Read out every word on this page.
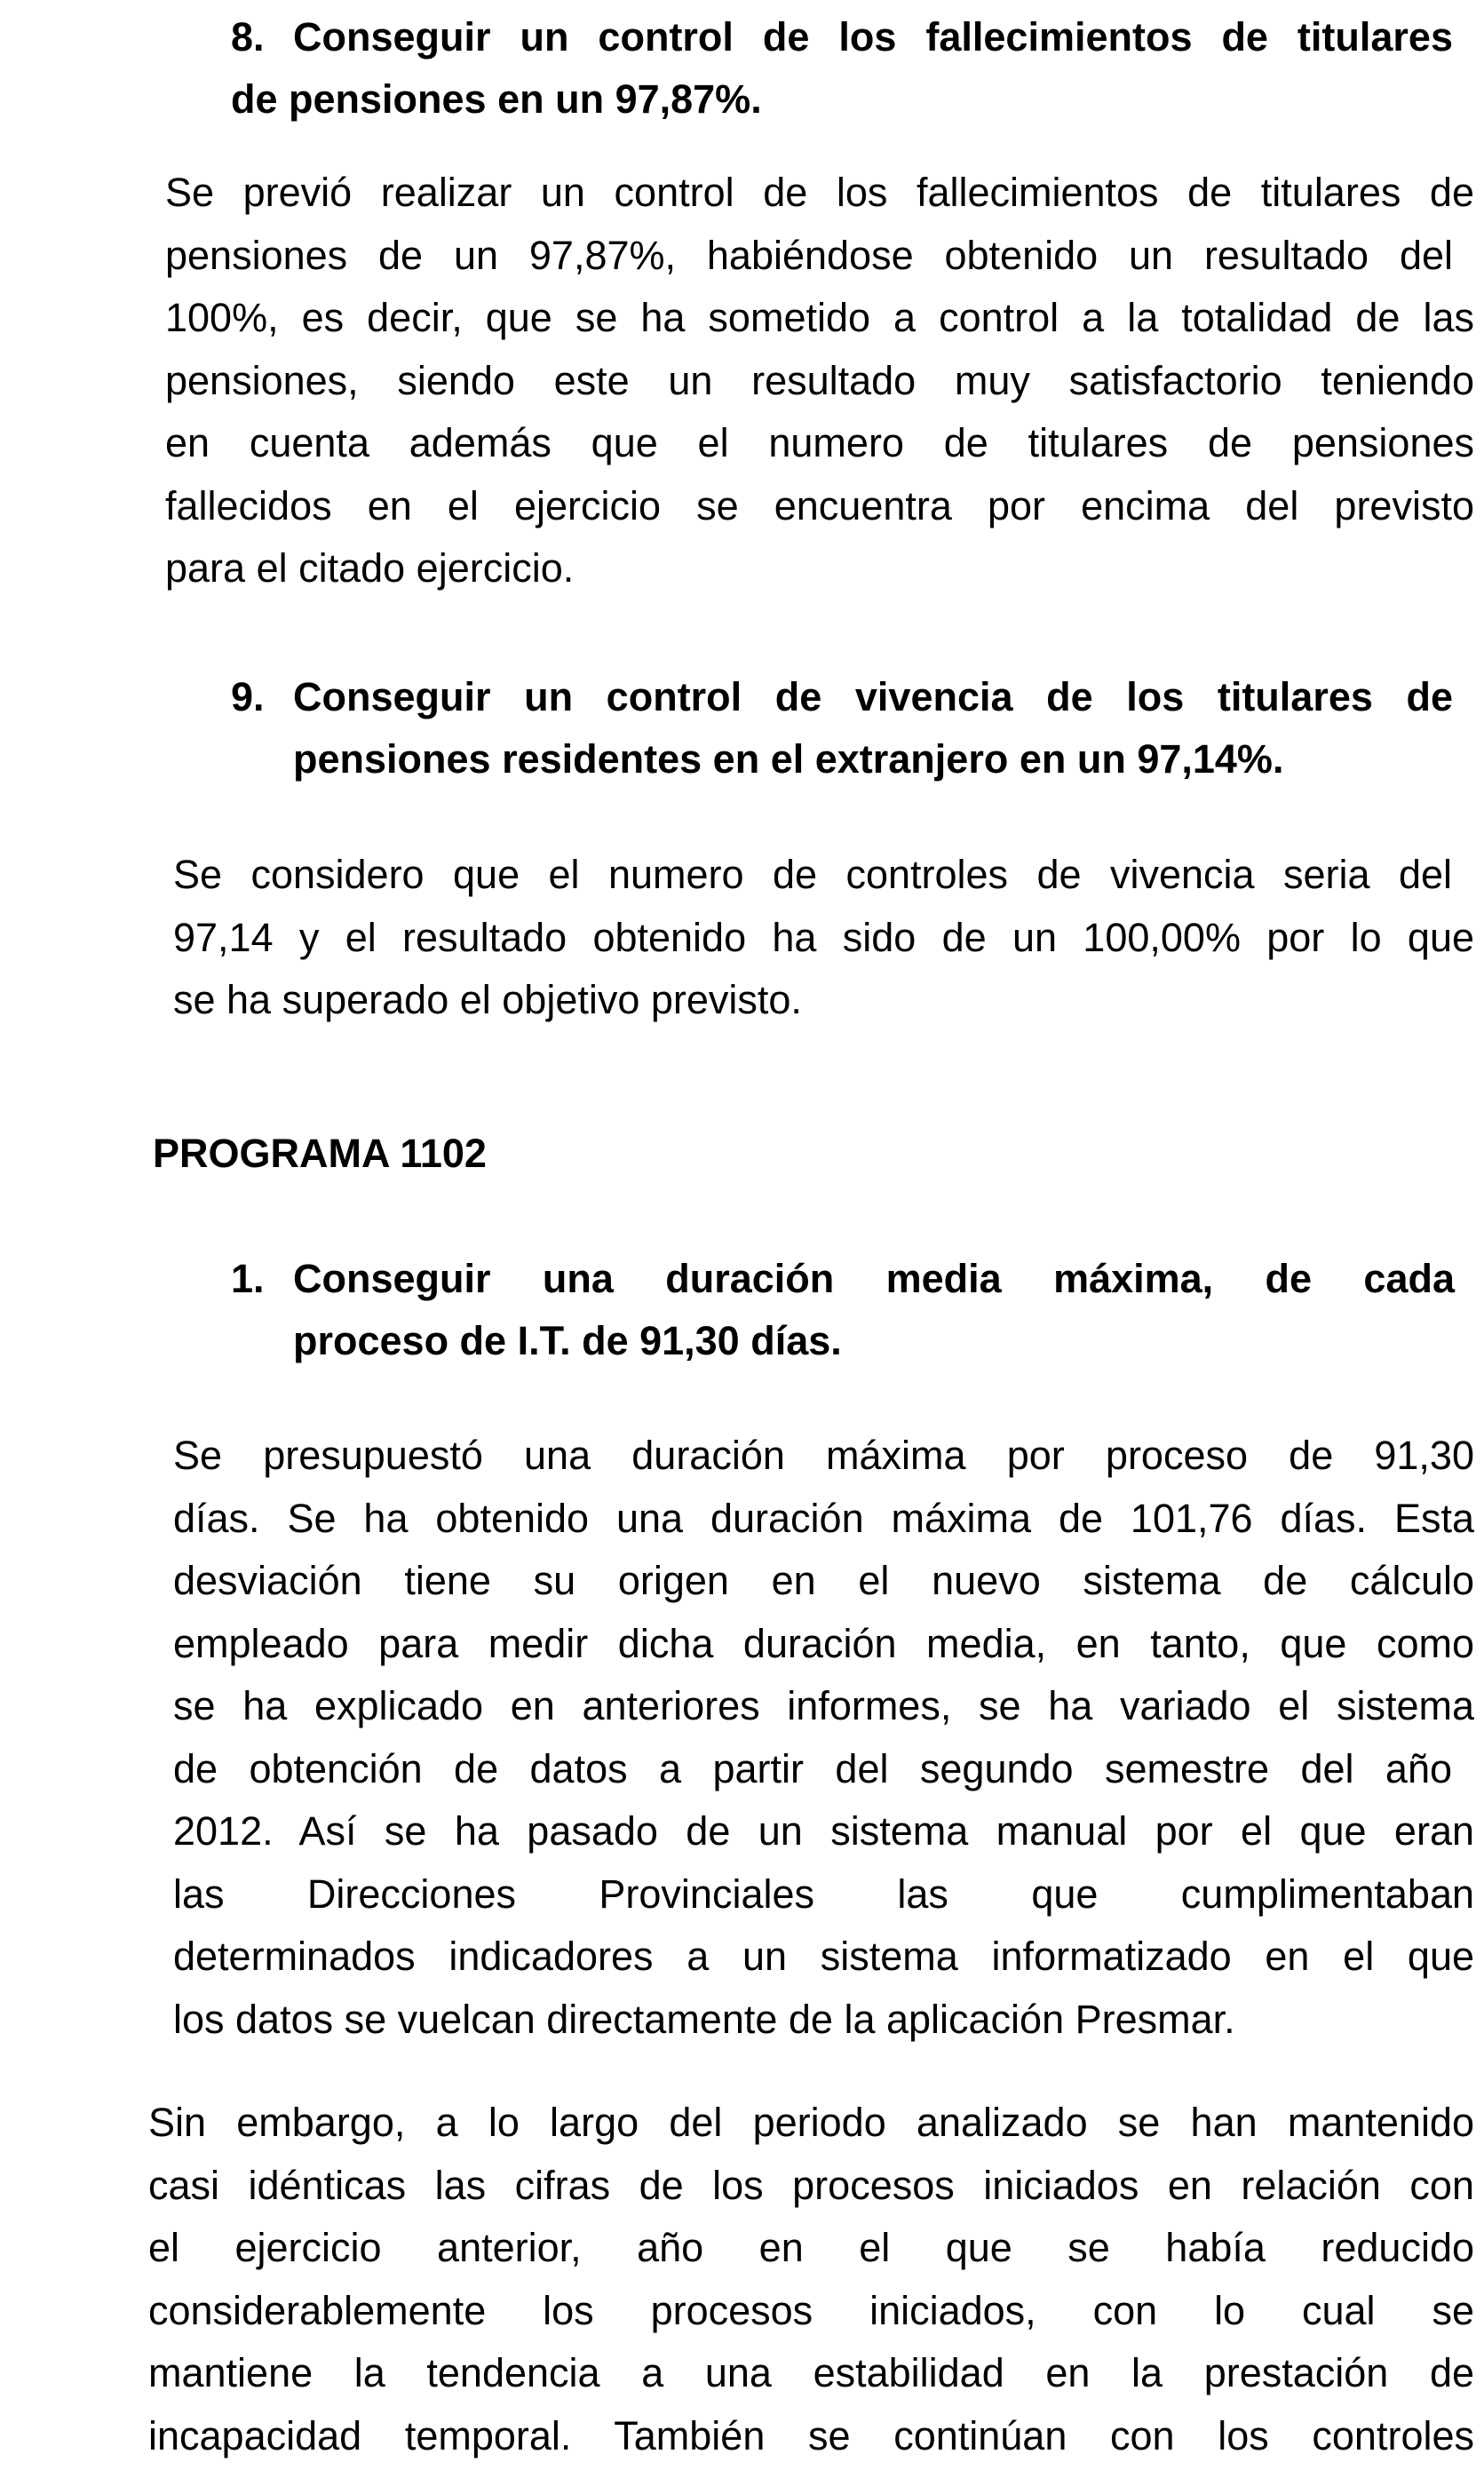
8. Conseguir un control de los fallecimientos de titulares
de pensiones en un 97,87%.
Se previó realizar un control de los fallecimientos de titulares de
pensiones de un 97,87%, habiéndose obtenido un resultado del
100%, es decir, que se ha sometido a control a la totalidad de las
pensiones, siendo este un resultado muy satisfactorio teniendo
en cuenta además que el numero de titulares de pensiones
fallecidos en el ejercicio se encuentra por encima del previsto
para el citado ejercicio.
9. Conseguir un control de vivencia de los titulares de
pensiones residentes en el extranjero en un 97,14%.
Se considero que el numero de controles de vivencia seria del
97,14 y el resultado obtenido ha sido de un 100,00% por lo que
se ha superado el objetivo previsto.
PROGRAMA 1102
1. Conseguir una duración media máxima, de cada
proceso de I.T. de 91,30 días.
Se presupuestó una duración máxima por proceso de 91,30
días. Se ha obtenido una duración máxima de 101,76 días. Esta
desviación tiene su origen en el nuevo sistema de cálculo
empleado para medir dicha duración media, en tanto, que como
se ha explicado en anteriores informes, se ha variado el sistema
de obtención de datos a partir del segundo semestre del año
2012. Así se ha pasado de un sistema manual por el que eran
las Direcciones Provinciales las que cumplimentaban
determinados indicadores a un sistema informatizado en el que
los datos se vuelcan directamente de la aplicación Presmar.
Sin embargo, a lo largo del periodo analizado se han mantenido
casi idénticas las cifras de los procesos iniciados en relación con
el ejercicio anterior, año en el que se había reducido
considerablemente los procesos iniciados, con lo cual se
mantiene la tendencia a una estabilidad en la prestación de
incapacidad temporal. También se continúan con los controles
